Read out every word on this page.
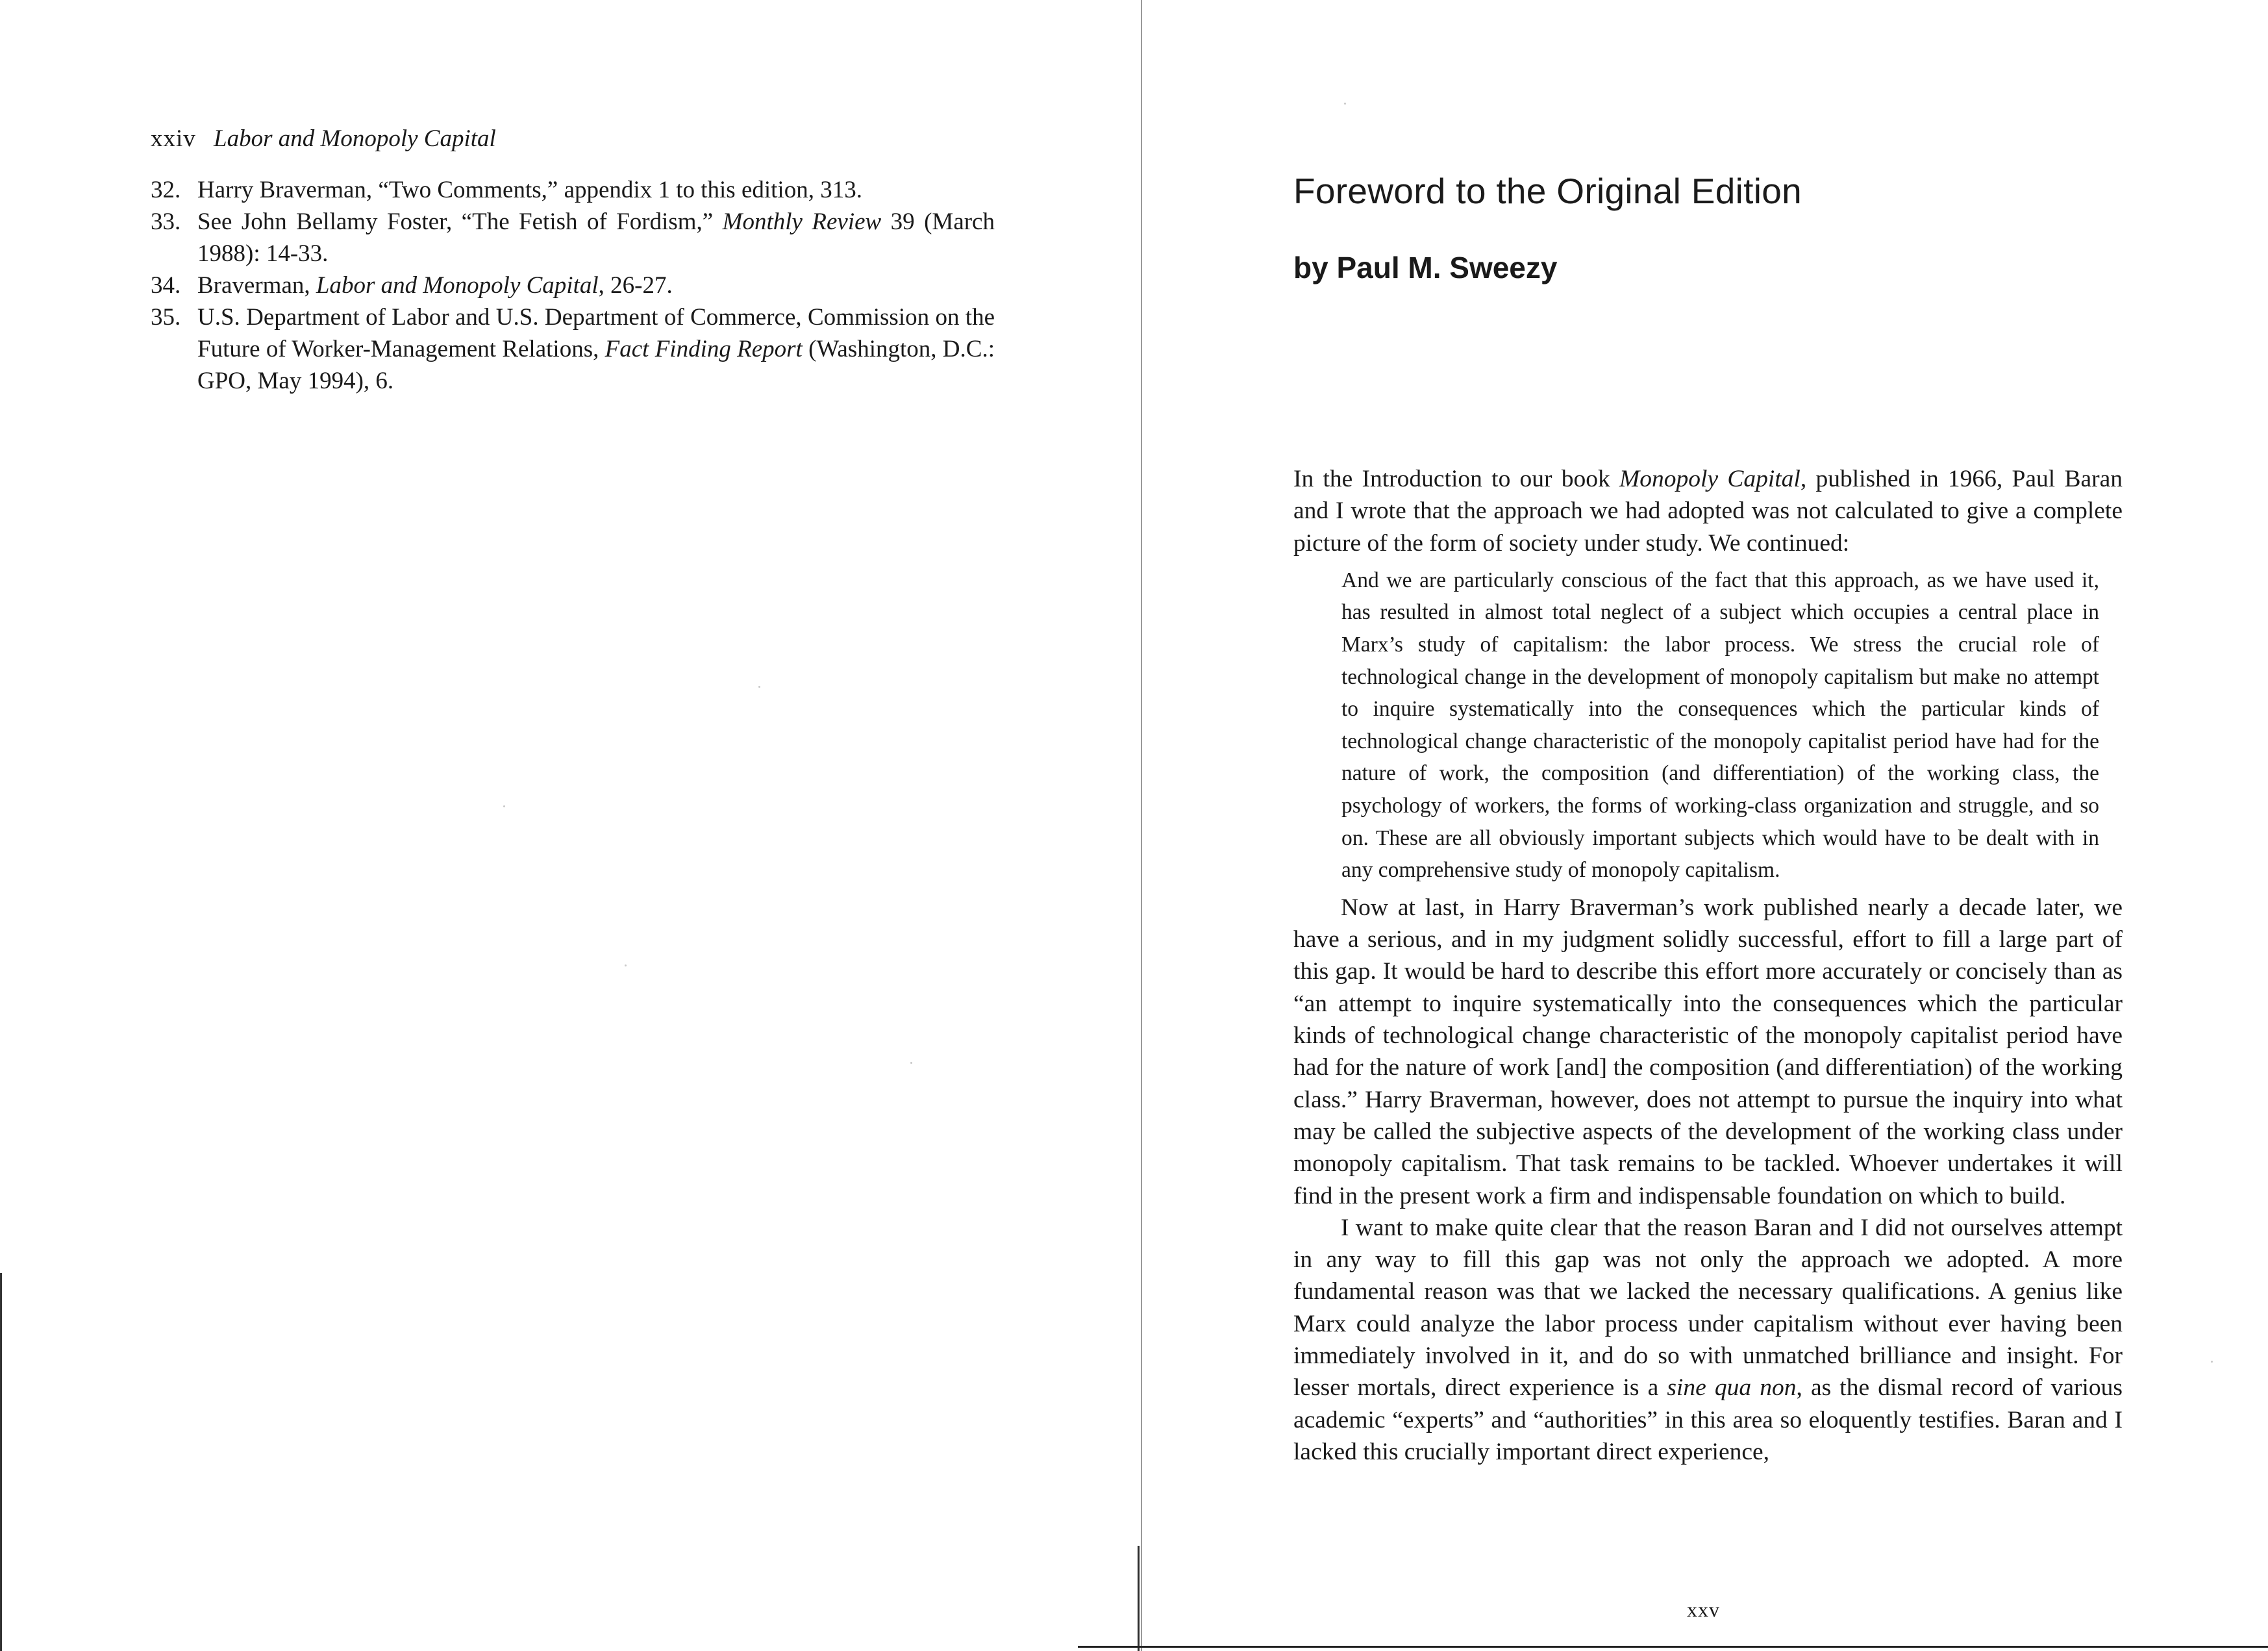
xxiv Labor and Monopoly Capital
32. Harry Braverman, “Two Comments,” appendix 1 to this edition, 313.
33. See John Bellamy Foster, “The Fetish of Fordism,” Monthly Review 39 (March 1988): 14-33.
34. Braverman, Labor and Monopoly Capital, 26-27.
35. U.S. Department of Labor and U.S. Department of Commerce, Commission on the Future of Worker-Management Relations, Fact Finding Report (Washington, D.C.: GPO, May 1994), 6.
Foreword to the Original Edition
by Paul M. Sweezy

In the Introduction to our book Monopoly Capital, published in 1966, Paul Baran and I wrote that the approach we had adopted was not calculated to give a complete picture of the form of society under study. We continued:

And we are particularly conscious of the fact that this approach, as we have used it, has resulted in almost total neglect of a subject which occupies a central place in Marx’s study of capitalism: the labor process. We stress the crucial role of technological change in the development of monopoly capitalism but make no attempt to inquire systematically into the consequences which the particular kinds of technological change characteristic of the monopoly capitalist period have had for the nature of work, the composition (and differentiation) of the working class, the psychology of workers, the forms of working-class organization and struggle, and so on. These are all obviously important subjects which would have to be dealt with in any comprehensive study of monopoly capitalism.

Now at last, in Harry Braverman’s work published nearly a decade later, we have a serious, and in my judgment solidly successful, effort to fill a large part of this gap. It would be hard to describe this effort more accurately or concisely than as “an attempt to inquire systematically into the consequences which the particular kinds of technological change characteristic of the monopoly capitalist period have had for the nature of work [and] the composition (and differentiation) of the working class.” Harry Braverman, however, does not attempt to pursue the inquiry into what may be called the subjective aspects of the development of the working class under monopoly capitalism. That task remains to be tackled. Whoever undertakes it will find in the present work a firm and indispensable foundation on which to build.

I want to make quite clear that the reason Baran and I did not ourselves attempt in any way to fill this gap was not only the approach we adopted. A more fundamental reason was that we lacked the necessary qualifications. A genius like Marx could analyze the labor process under capitalism without ever having been immediately involved in it, and do so with unmatched brilliance and insight. For lesser mortals, direct experience is a sine qua non, as the dismal record of various academic “experts” and “authorities” in this area so eloquently testifies. Baran and I lacked this crucially important direct experience,

xxv
